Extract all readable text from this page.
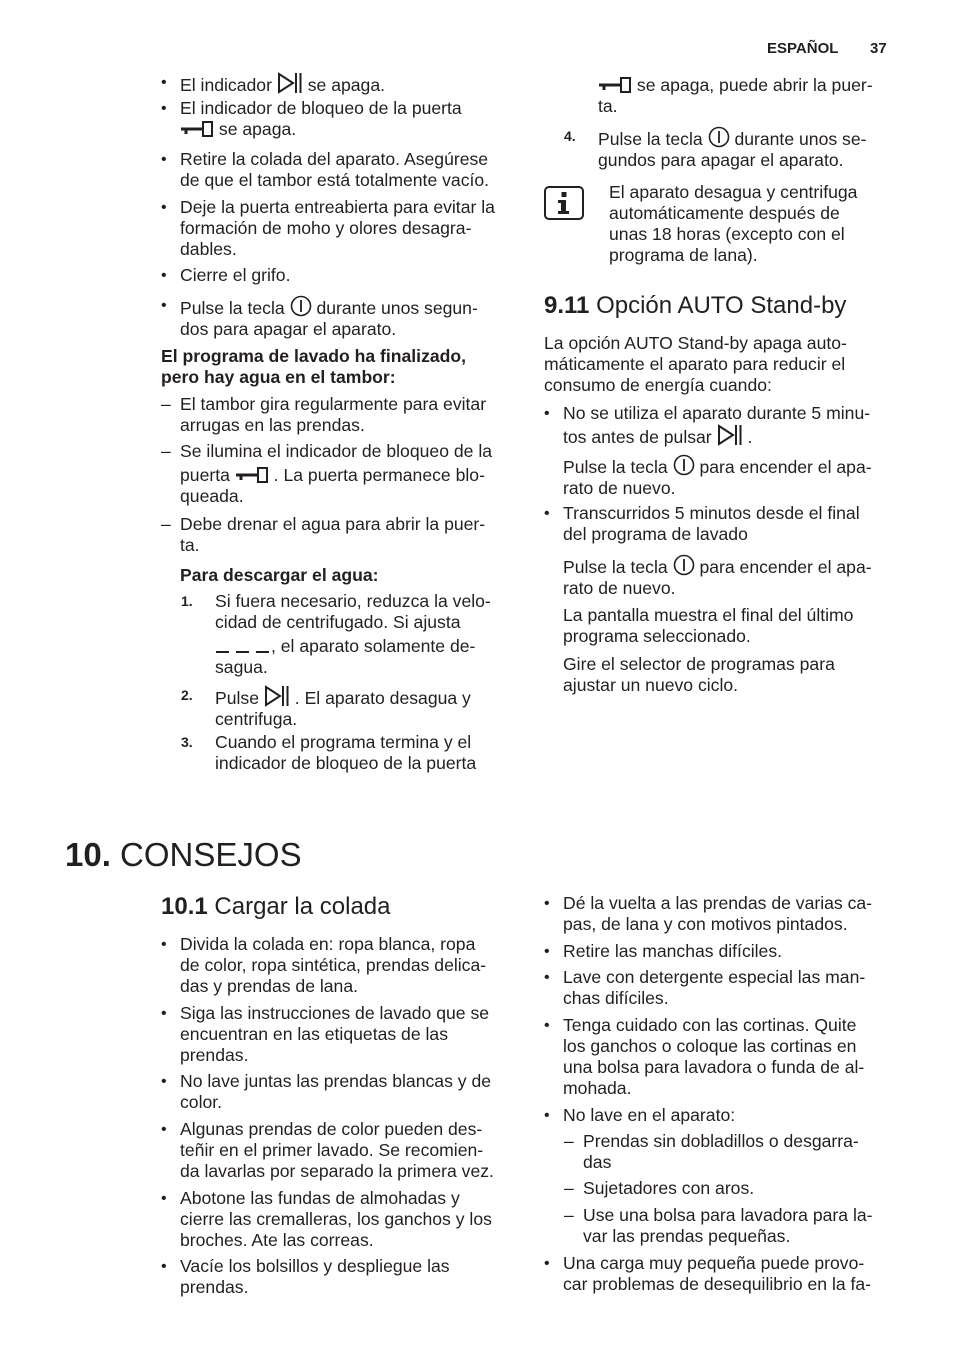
ESPAÑOL 37
• El indicador se apaga.
• El indicador de bloqueo de la puerta
se apaga.
• Retire la colada del aparato. Asegúrese
de que el tambor está totalmente vacío.
• Deje la puerta entreabierta para evitar la
formación de moho y olores desagra-
dables.
• Cierre el grifo.
• Pulse la tecla durante unos segun-
dos para apagar el aparato.
El programa de lavado ha finalizado,
pero hay agua en el tambor:
– El tambor gira regularmente para evitar
arrugas en las prendas.
– Se ilumina el indicador de bloqueo de la
puerta . La puerta permanece blo-
queada.
– Debe drenar el agua para abrir la puer-
ta.
Para descargar el agua:
1. Si fuera necesario, reduzca la velo-
cidad de centrifugado. Si ajusta
, el aparato solamente de-
sagua.
2. Pulse . El aparato desagua y
centrifuga.
3. Cuando el programa termina y el
indicador de bloqueo de la puerta
se apaga, puede abrir la puer-
ta.
4. Pulse la tecla durante unos se-
gundos para apagar el aparato.
El aparato desagua y centrifuga
automáticamente después de
unas 18 horas (excepto con el
programa de lana).
9.11 Opción AUTO Stand-by
La opción AUTO Stand-by apaga auto-
máticamente el aparato para reducir el
consumo de energía cuando:
• No se utiliza el aparato durante 5 minu-
tos antes de pulsar .
Pulse la tecla para encender el apa-
rato de nuevo.
• Transcurridos 5 minutos desde el final
del programa de lavado
Pulse la tecla para encender el apa-
rato de nuevo.
La pantalla muestra el final del último
programa seleccionado.
Gire el selector de programas para
ajustar un nuevo ciclo.
10. CONSEJOS
10.1 Cargar la colada
• Divida la colada en: ropa blanca, ropa
de color, ropa sintética, prendas delica-
das y prendas de lana.
• Siga las instrucciones de lavado que se
encuentran en las etiquetas de las
prendas.
• No lave juntas las prendas blancas y de
color.
• Algunas prendas de color pueden des-
teñir en el primer lavado. Se recomien-
da lavarlas por separado la primera vez.
• Abotone las fundas de almohadas y
cierre las cremalleras, los ganchos y los
broches. Ate las correas.
• Vacíe los bolsillos y despliegue las
prendas.
• Dé la vuelta a las prendas de varias ca-
pas, de lana y con motivos pintados.
• Retire las manchas difíciles.
• Lave con detergente especial las man-
chas difíciles.
• Tenga cuidado con las cortinas. Quite
los ganchos o coloque las cortinas en
una bolsa para lavadora o funda de al-
mohada.
• No lave en el aparato:
– Prendas sin dobladillos o desgarra-
das
– Sujetadores con aros.
– Use una bolsa para lavadora para la-
var las prendas pequeñas.
• Una carga muy pequeña puede provo-
car problemas de desequilibrio en la fa-
